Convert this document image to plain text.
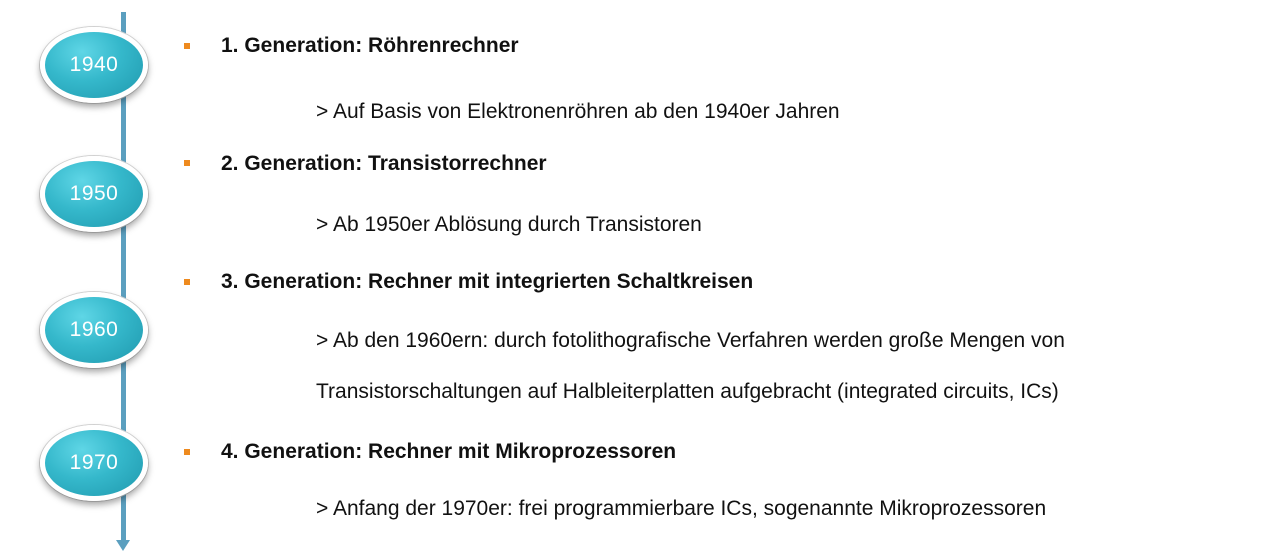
1940
1950
1960
1970
1. Generation: Röhrenrechner
> Auf Basis von Elektronenröhren ab den 1940er Jahren
2. Generation: Transistorrechner
> Ab 1950er Ablösung durch Transistoren
3. Generation: Rechner mit integrierten Schaltkreisen
> Ab den 1960ern: durch fotolithografische Verfahren werden große Mengen von
Transistorschaltungen auf Halbleiterplatten aufgebracht (integrated circuits, ICs)
4. Generation: Rechner mit Mikroprozessoren
> Anfang der 1970er: frei programmierbare ICs, sogenannte Mikroprozessoren
